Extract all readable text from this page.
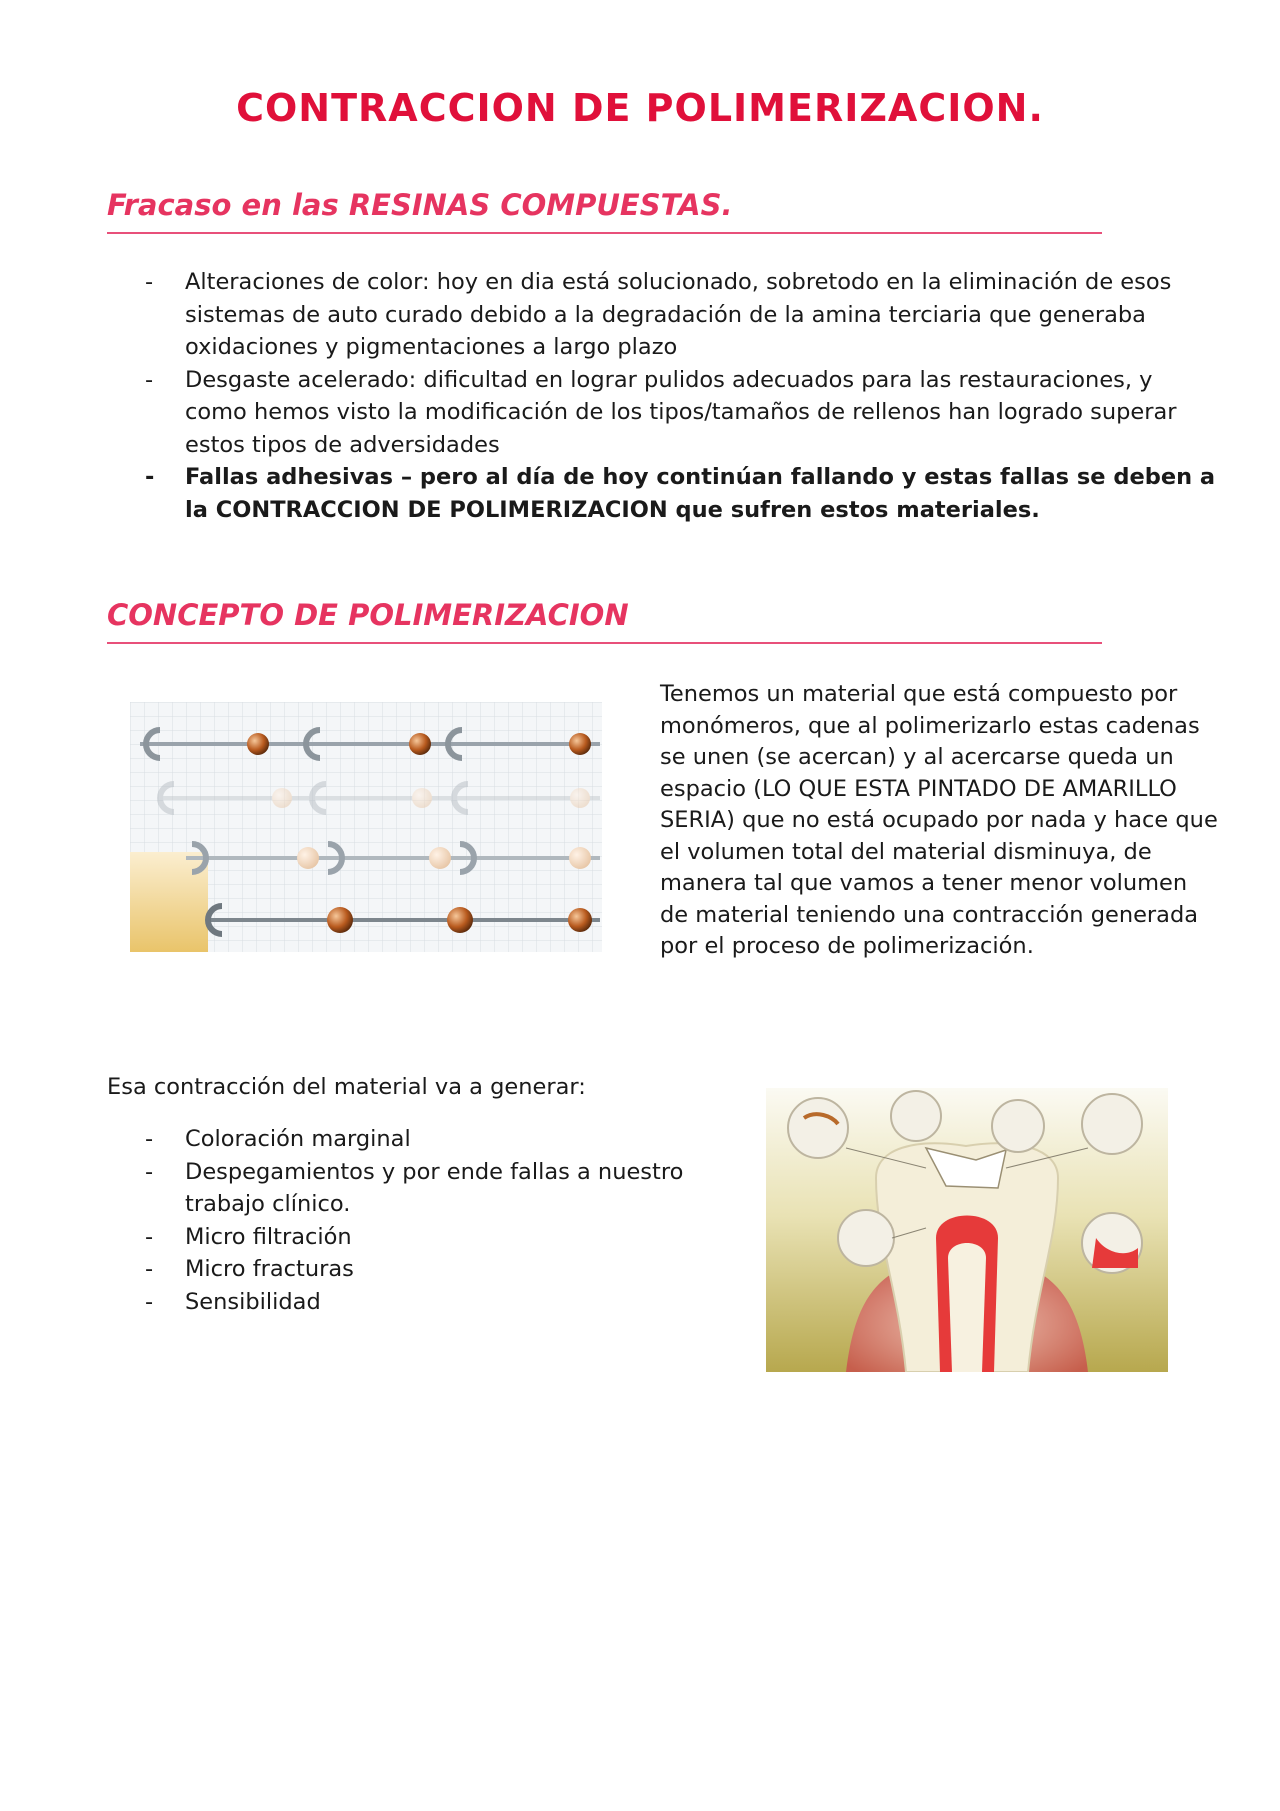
CONTRACCION DE POLIMERIZACION.
Fracaso en las RESINAS COMPUESTAS.
- Alteraciones de color: hoy en dia está solucionado, sobretodo en la eliminación de esos sistemas de auto curado debido a la degradación de la amina terciaria que generaba oxidaciones y pigmentaciones a largo plazo
- Desgaste acelerado: dificultad en lograr pulidos adecuados para las restauraciones, y como hemos visto la modificación de los tipos/tamaños de rellenos han logrado superar estos tipos de adversidades
- Fallas adhesivas – pero al día de hoy continúan fallando y estas fallas se deben a la CONTRACCION DE POLIMERIZACION que sufren estos materiales.
CONCEPTO DE POLIMERIZACION
Tenemos un material que está compuesto por monómeros, que al polimerizarlo estas cadenas se unen (se acercan) y al acercarse queda un espacio (LO QUE ESTA PINTADO DE AMARILLO SERIA) que no está ocupado por nada y hace que el volumen total del material disminuya, de manera tal que vamos a tener menor volumen de material teniendo una contracción generada por el proceso de polimerización.
Esa contracción del material va a generar:
- Coloración marginal
- Despegamientos y por ende fallas a nuestro trabajo clínico.
- Micro filtración
- Micro fracturas
- Sensibilidad
